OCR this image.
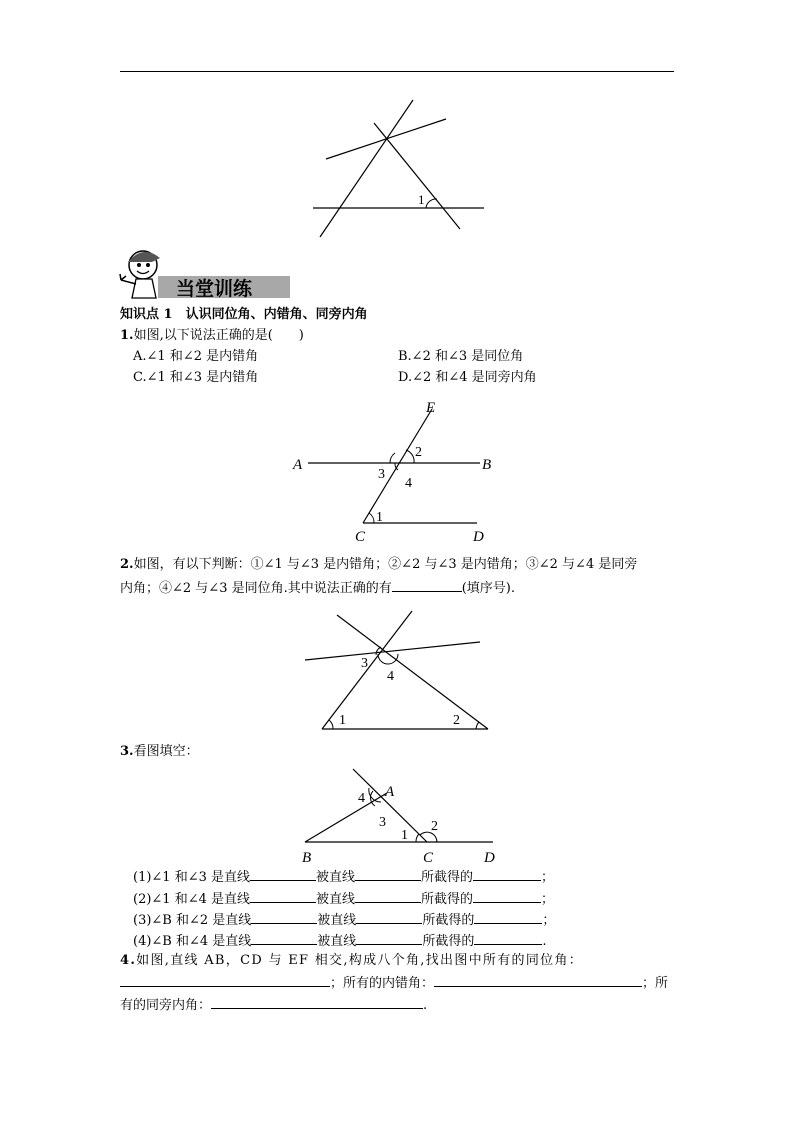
1
当堂训练
知识点 1　认识同位角、内错角、同旁内角
1.如图,以下说法正确的是(　　)
A.∠1 和∠2 是内错角	B.∠2 和∠3 是同位角
C.∠1 和∠3 是内错角	D.∠2 和∠4 是同旁内角
E
A	B
C	D
2
3
4
1
2.如图，有以下判断：①∠1 与∠3 是内错角；②∠2 与∠3 是内错角；③∠2 与∠4 是同旁
内角；④∠2 与∠3 是同位角.其中说法正确的有	(填序号).
3
4
1	2
3.看图填空：
A
B	C	D
4
3
1
2
(1)∠1 和∠3 是直线	被直线	所截得的	；
(2)∠1 和∠4 是直线	被直线	所截得的	；
(3)∠B 和∠2 是直线	被直线	所截得的	；
(4)∠B 和∠4 是直线	被直线	所截得的	.
4.如图,直线 AB，CD 与 EF 相交,构成八个角,找出图中所有的同位角：
；所有的内错角：	；所
有的同旁内角：	.
